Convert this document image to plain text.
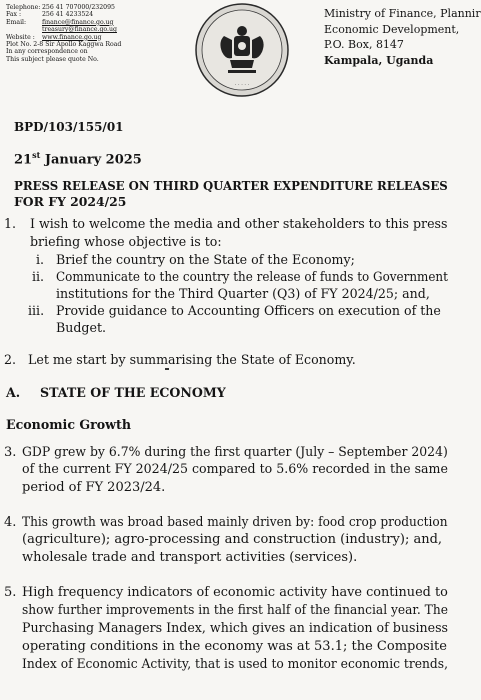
Telephone: 256 41 707000/232095
Fax :	256 41 4233524
Email:	finance@finance.go.ug
treasury@finance.go.ug
Website : www.finance.go.ug
Plot No. 2-8 Sir Apollo Kaggwa Road
In any correspondence on
This subject please quote No.
· · · · ·
Ministry of Finance, Plannir
Economic Development,
P.O. Box, 8147
Kampala, Uganda
BPD/103/155/01
21st January 2025
PRESS RELEASE ON THIRD QUARTER EXPENDITURE RELEASES
FOR FY 2024/25
1. I wish to welcome the media and other stakeholders to this press
briefing whose objective is to:
i. Brief the country on the State of the Economy;
ii. Communicate to the country the release of funds to Government
institutions for the Third Quarter (Q3) of FY 2024/25; and,
iii. Provide guidance to Accounting Officers on execution of the
Budget.
2. Let me start by summarising the State of Economy.
A. STATE OF THE ECONOMY
Economic Growth
3. GDP grew by 6.7% during the first quarter (July – September 2024)
of the current FY 2024/25 compared to 5.6% recorded in the same
period of FY 2023/24.
4. This growth was broad based mainly driven by: food crop production
(agriculture); agro-processing and construction (industry); and,
wholesale trade and transport activities (services).
5. High frequency indicators of economic activity have continued to
show further improvements in the first half of the financial year. The
Purchasing Managers Index, which gives an indication of business
operating conditions in the economy was at 53.1; the Composite
Index of Economic Activity, that is used to monitor economic trends,
